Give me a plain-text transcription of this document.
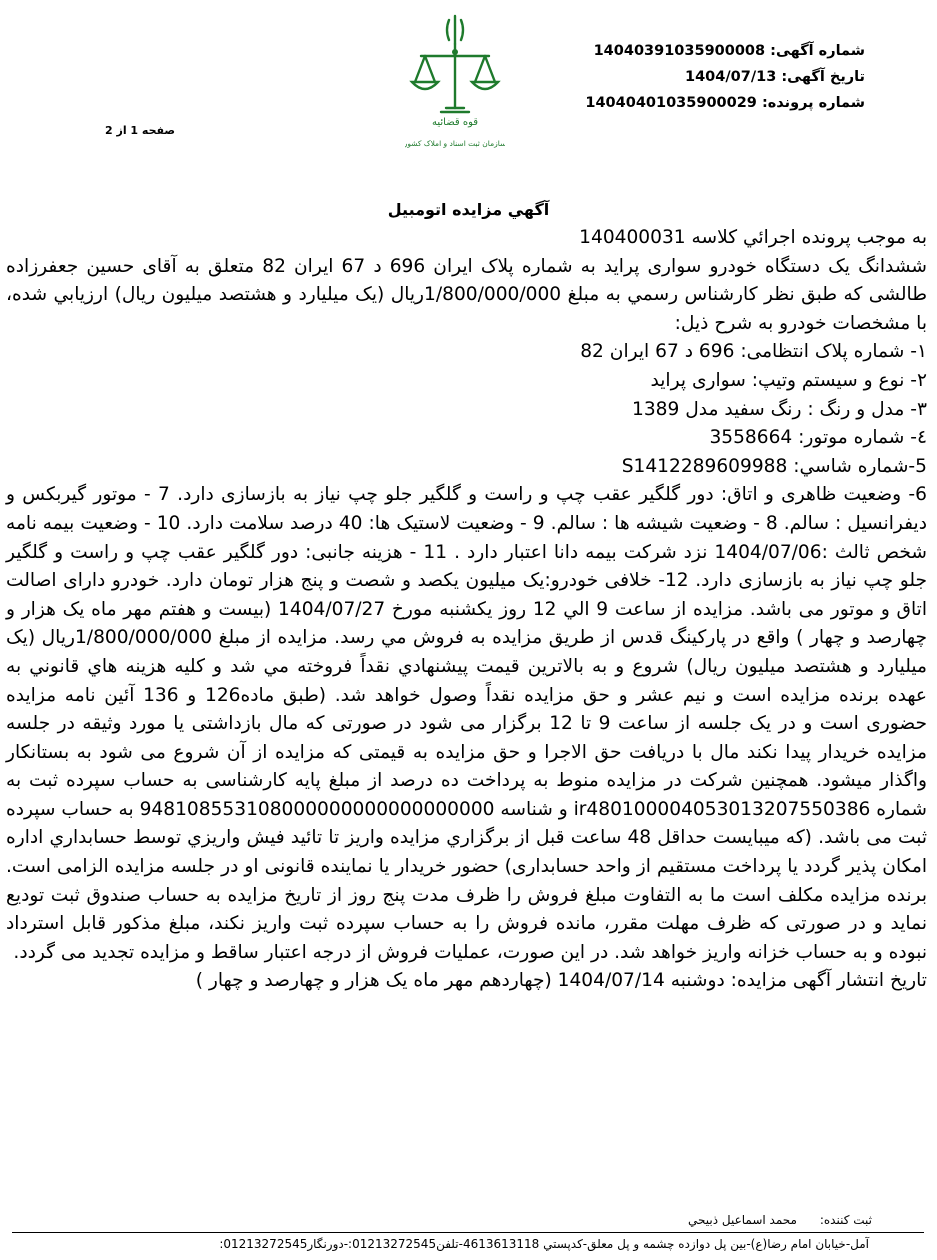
شماره آگهی: 14040391035900008
تاریخ آگهی: 1404/07/13
شماره پرونده: 14040401035900029
قوه قضائیه
سازمان ثبت اسناد و املاک کشور
صفحه 1 از 2
آگهي مزايده اتومبيل

به موجب پرونده اجرائي كلاسه 140400031

ششدانگ يک دستگاه خودرو سواری پراید به شماره پلاک ایران 696 د 67 ایران 82 متعلق به آقای حسین جعفرزاده طالشی که طبق نظر كارشناس رسمي به مبلغ 1/800/000/000ریال (یک میلیارد و هشتصد میلیون ریال) ارزيابي شده، با مشخصات خودرو به شرح ذيل:

۱- شماره پلاک انتظامی: 696 د 67 ایران 82

۲- نوع و سیستم وتیپ: سواری پراید

۳- مدل و رنگ : رنگ سفید مدل 1389

٤- شماره موتور: 3558664

5-شماره شاسي: S1412289609988

6- وضعیت ظاهری و اتاق: دور گلگیر عقب چپ و راست و گلگیر جلو چپ نیاز به بازسازی دارد. 7 - موتور گیربکس و دیفرانسیل : سالم. 8 - وضعیت شیشه ها : سالم. 9 - وضعیت لاستیک ها: 40 درصد سلامت دارد. 10 - وضعیت بیمه نامه شخص ثالث :1404/07/06 نزد شرکت بیمه دانا اعتبار دارد . 11 - هزینه جانبی: دور گلگیر عقب چپ و راست و گلگیر جلو چپ نیاز به بازسازی دارد. 12- خلافی خودرو:یک میلیون یکصد و شصت و پنج هزار تومان دارد. خودرو دارای اصالت اتاق و موتور می باشد. مزايده از ساعت 9 الي 12 روز یکشنبه مورخ 1404/07/27 (بیست و هفتم مهر ماه یک هزار و چهارصد و چهار ) واقع در پارکینگ قدس از طريق مزايده به فروش مي رسد. مزايده از مبلغ 1/800/000/000ریال (یک میلیارد و هشتصد میلیون ریال) شروع و به بالاترين قيمت پيشنهادي نقداً فروخته مي شد و كليه هزينه هاي قانوني به عهده برنده مزايده است و نيم عشر و حق مزايده نقداً وصول خواهد شد. (طبق ماده126 و 136 آئین نامه مزایده حضوری است و در یک جلسه از ساعت 9 تا 12 برگزار می شود در صورتی که مال بازداشتی یا مورد وثیقه در جلسه مزایده خریدار پیدا نکند مال با دریافت حق الاجرا و حق مزایده به قیمتی که مزایده از آن شروع می شود به بستانکار واگذار میشود. همچنین شرکت در مزایده منوط به پرداخت ده درصد از مبلغ پایه کارشناسی به حساب سپرده ثبت به شماره ir480100004053013207550386 و شناسه 948108553108000000000000000000 به حساب سپرده ثبت می باشد. (که میبایست حداقل 48 ساعت قبل از برگزاري مزايده واريز تا تائيد فيش واريزي توسط حسابداري اداره امكان پذير گردد يا پرداخت مستقيم از واحد حسابداری) حضور خریدار یا نماینده قانونی او در جلسه مزایده الزامی است. برنده مزایده مکلف است ما به التفاوت مبلغ فروش را ظرف مدت پنج روز از تاریخ مزایده به حساب صندوق ثبت تودیع نماید و در صورتی که ظرف مهلت مقرر، مانده فروش را به حساب سپرده ثبت واریز نکند، مبلغ مذکور قابل استرداد نبوده و به حساب خزانه واریز خواهد شد. در این صورت، عملیات فروش از درجه اعتبار ساقط و مزایده تجدید می گردد.

تاریخ انتشار آگهی مزایده: دوشنبه 1404/07/14 (چهاردهم مهر ماه یک هزار و چهارصد و چهار )

ثبت کننده:      محمد اسماعیل ذبیحي
آمل-خیابان امام رضا(ع)-بین پل دوازده چشمه و پل معلق-کدپستي 4613613118-تلفن01213272545:-دورنگار01213272545:
